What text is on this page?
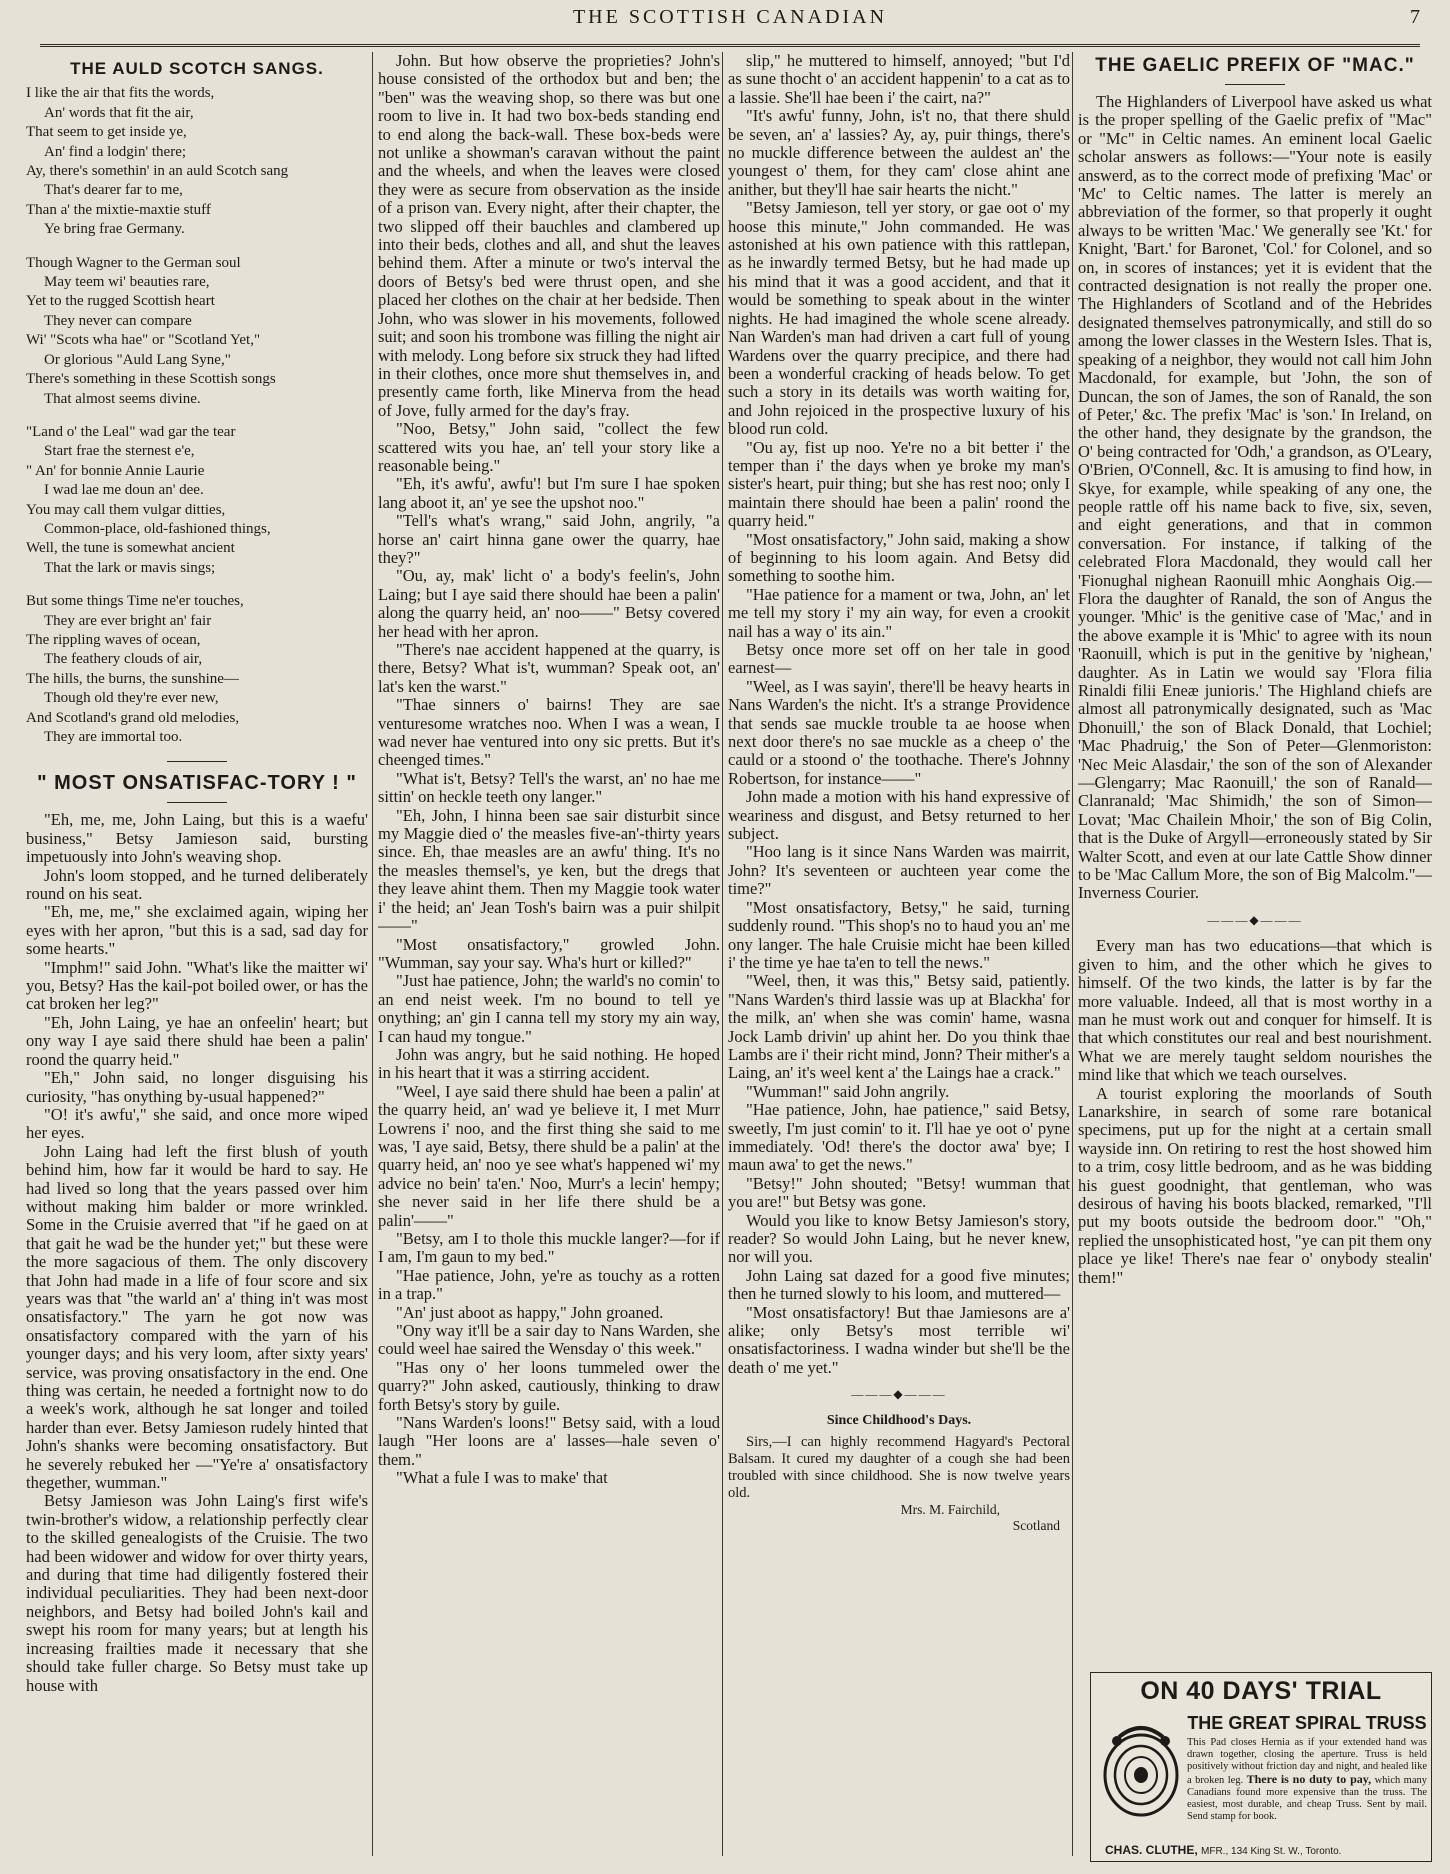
THE SCOTTISH CANADIAN	7
THE AULD SCOTCH SANGS.
I like the air that fits the words,
An' words that fit the air,
That seem to get inside ye,
An' find a lodgin' there;
Ay, there's somethin' in an auld Scotch sang
That's dearer far to me,
Than a' the mixtie-maxtie stuff
Ye bring frae Germany.
Though Wagner to the German soul
May teem wi' beauties rare,
Yet to the rugged Scottish heart
They never can compare
Wi' "Scots wha hae" or "Scotland Yet,"
Or glorious "Auld Lang Syne,"
There's something in these Scottish songs
That almost seems divine.
"Land o' the Leal" wad gar the tear
Start frae the sternest e'e,
" An' for bonnie Annie Laurie
I wad lae me doun an' dee.
You may call them vulgar ditties,
Common-place, old-fashioned things,
Well, the tune is somewhat ancient
That the lark or mavis sings;
But some things Time ne'er touches,
They are ever bright an' fair
The rippling waves of ocean,
The feathery clouds of air,
The hills, the burns, the sunshine—
Though old they're ever new,
And Scotland's grand old melodies,
They are immortal too.
" MOST ONSATISFAC-TORY ! "

"Eh, me, me, John Laing, but this is a waefu' business," Betsy Jamieson said, bursting impetuously into John's weaving shop.

John's loom stopped, and he turned deliberately round on his seat.

"Eh, me, me," she exclaimed again, wiping her eyes with her apron, "but this is a sad, sad day for some hearts."

"Imphm!" said John. "What's like the maitter wi' you, Betsy? Has the kail-pot boiled ower, or has the cat broken her leg?"

"Eh, John Laing, ye hae an onfeelin' heart; but ony way I aye said there shuld hae been a palin' roond the quarry heid."

"Eh," John said, no longer disguising his curiosity, "has onything by-usual happened?"

"O! it's awfu'," she said, and once more wiped her eyes.

John Laing had left the first blush of youth behind him, how far it would be hard to say. He had lived so long that the years passed over him without making him balder or more wrinkled. Some in the Cruisie averred that "if he gaed on at that gait he wad be the hunder yet;" but these were the more sagacious of them. The only discovery that John had made in a life of four score and six years was that "the warld an' a' thing in't was most onsatisfactory." The yarn he got now was onsatisfactory compared with the yarn of his younger days; and his very loom, after sixty years' service, was proving onsatisfactory in the end. One thing was certain, he needed a fortnight now to do a week's work, although he sat longer and toiled harder than ever. Betsy Jamieson rudely hinted that John's shanks were becoming onsatisfactory. But he severely rebuked her —"Ye're a' onsatisfactory thegether, wumman."

Betsy Jamieson was John Laing's first wife's twin-brother's widow, a relationship perfectly clear to the skilled genealogists of the Cruisie. The two had been widower and widow for over thirty years, and during that time had diligently fostered their individual peculiarities. They had been next-door neighbors, and Betsy had boiled John's kail and swept his room for many years; but at length his increasing frailties made it necessary that she should take fuller charge. So Betsy must take up house with

John. But how observe the proprieties? John's house consisted of the orthodox but and ben; the "ben" was the weaving shop, so there was but one room to live in. It had two box-beds standing end to end along the back-wall. These box-beds were not unlike a showman's caravan without the paint and the wheels, and when the leaves were closed they were as secure from observation as the inside of a prison van. Every night, after their chapter, the two slipped off their bauchles and clambered up into their beds, clothes and all, and shut the leaves behind them. After a minute or two's interval the doors of Betsy's bed were thrust open, and she placed her clothes on the chair at her bedside. Then John, who was slower in his movements, followed suit; and soon his trombone was filling the night air with melody. Long before six struck they had lifted in their clothes, once more shut themselves in, and presently came forth, like Minerva from the head of Jove, fully armed for the day's fray.

"Noo, Betsy," John said, "collect the few scattered wits you hae, an' tell your story like a reasonable being."

"Eh, it's awfu', awfu'! but I'm sure I hae spoken lang aboot it, an' ye see the upshot noo."

"Tell's what's wrang," said John, angrily, "a horse an' cairt hinna gane ower the quarry, hae they?"

"Ou, ay, mak' licht o' a body's feelin's, John Laing; but I aye said there should hae been a palin' along the quarry heid, an' noo——" Betsy covered her head with her apron.

"There's nae accident happened at the quarry, is there, Betsy? What is't, wumman? Speak oot, an' lat's ken the warst."

"Thae sinners o' bairns! They are sae venturesome wratches noo. When I was a wean, I wad never hae ventured into ony sic pretts. But it's cheenged times."

"What is't, Betsy? Tell's the warst, an' no hae me sittin' on heckle teeth ony langer."

"Eh, John, I hinna been sae sair disturbit since my Maggie died o' the measles five-an'-thirty years since. Eh, thae measles are an awfu' thing. It's no the measles themsel's, ye ken, but the dregs that they leave ahint them. Then my Maggie took water i' the heid; an' Jean Tosh's bairn was a puir shilpit——"

"Most onsatisfactory," growled John. "Wumman, say your say. Wha's hurt or killed?"

"Just hae patience, John; the warld's no comin' to an end neist week. I'm no bound to tell ye onything; an' gin I canna tell my story my ain way, I can haud my tongue."

John was angry, but he said nothing. He hoped in his heart that it was a stirring accident.

"Weel, I aye said there shuld hae been a palin' at the quarry heid, an' wad ye believe it, I met Murr Lowrens i' noo, and the first thing she said to me was, 'I aye said, Betsy, there shuld be a palin' at the quarry heid, an' noo ye see what's happened wi' my advice no bein' ta'en.' Noo, Murr's a lecin' hempy; she never said in her life there shuld be a palin'——"

"Betsy, am I to thole this muckle langer?—for if I am, I'm gaun to my bed."

"Hae patience, John, ye're as touchy as a rotten in a trap."

"An' just aboot as happy," John groaned.

"Ony way it'll be a sair day to Nans Warden, she could weel hae saired the Wensday o' this week."

"Has ony o' her loons tummeled ower the quarry?" John asked, cautiously, thinking to draw forth Betsy's story by guile.

"Nans Warden's loons!" Betsy said, with a loud laugh "Her loons are a' lasses—hale seven o' them."

"What a fule I was to make' that

slip," he muttered to himself, annoyed; "but I'd as sune thocht o' an accident happenin' to a cat as to a lassie. She'll hae been i' the cairt, na?"

"It's awfu' funny, John, is't no, that there shuld be seven, an' a' lassies? Ay, ay, puir things, there's no muckle difference between the auldest an' the youngest o' them, for they cam' close ahint ane anither, but they'll hae sair hearts the nicht."

"Betsy Jamieson, tell yer story, or gae oot o' my hoose this minute," John commanded. He was astonished at his own patience with this rattlepan, as he inwardly termed Betsy, but he had made up his mind that it was a good accident, and that it would be something to speak about in the winter nights. He had imagined the whole scene already. Nan Warden's man had driven a cart full of young Wardens over the quarry precipice, and there had been a wonderful cracking of heads below. To get such a story in its details was worth waiting for, and John rejoiced in the prospective luxury of his blood run cold.

"Ou ay, fist up noo. Ye're no a bit better i' the temper than i' the days when ye broke my man's sister's heart, puir thing; but she has rest noo; only I maintain there should hae been a palin' roond the quarry heid."

"Most onsatisfactory," John said, making a show of beginning to his loom again. And Betsy did something to soothe him.

"Hae patience for a mament or twa, John, an' let me tell my story i' my ain way, for even a crookit nail has a way o' its ain."

Betsy once more set off on her tale in good earnest—

"Weel, as I was sayin', there'll be heavy hearts in Nans Warden's the nicht. It's a strange Providence that sends sae muckle trouble ta ae hoose when next door there's no sae muckle as a cheep o' the cauld or a stoond o' the toothache. There's Johnny Robertson, for instance——"

John made a motion with his hand expressive of weariness and disgust, and Betsy returned to her subject.

"Hoo lang is it since Nans Warden was mairrit, John? It's seventeen or auchteen year come the time?"

"Most onsatisfactory, Betsy," he said, turning suddenly round. "This shop's no to haud you an' me ony langer. The hale Cruisie micht hae been killed i' the time ye hae ta'en to tell the news."

"Weel, then, it was this," Betsy said, patiently. "Nans Warden's third lassie was up at Blackha' for the milk, an' when she was comin' hame, wasna Jock Lamb drivin' up ahint her. Do you think thae Lambs are i' their richt mind, Jonn? Their mither's a Laing, an' it's weel kent a' the Laings hae a crack."

"Wumman!" said John angrily.

"Hae patience, John, hae patience," said Betsy, sweetly, I'm just comin' to it. I'll hae ye oot o' pyne immediately. 'Od! there's the doctor awa' bye; I maun awa' to get the news."

"Betsy!" John shouted; "Betsy! wumman that you are!" but Betsy was gone.

Would you like to know Betsy Jamieson's story, reader? So would John Laing, but he never knew, nor will you.

John Laing sat dazed for a good five minutes; then he turned slowly to his loom, and muttered—

"Most onsatisfactory! But thae Jamiesons are a' alike; only Betsy's most terrible wi' onsatisfactoriness. I wadna winder but she'll be the death o' me yet."

———◆———
Since Childhood's Days.

Sirs,—I can highly recommend Hagyard's Pectoral Balsam. It cured my daughter of a cough she had been troubled with since childhood. She is now twelve years old.

Mrs. M. Fairchild,
Scotland
THE GAELIC PREFIX OF "MAC."

The Highlanders of Liverpool have asked us what is the proper spelling of the Gaelic prefix of "Mac" or "Mc" in Celtic names. An eminent local Gaelic scholar answers as follows:—"Your note is easily answerd, as to the correct mode of prefixing 'Mac' or 'Mc' to Celtic names. The latter is merely an abbreviation of the former, so that properly it ought always to be written 'Mac.' We generally see 'Kt.' for Knight, 'Bart.' for Baronet, 'Col.' for Colonel, and so on, in scores of instances; yet it is evident that the contracted designation is not really the proper one. The Highlanders of Scotland and of the Hebrides designated themselves patronymically, and still do so among the lower classes in the Western Isles. That is, speaking of a neighbor, they would not call him John Macdonald, for example, but 'John, the son of Duncan, the son of James, the son of Ranald, the son of Peter,' &c. The prefix 'Mac' is 'son.' In Ireland, on the other hand, they designate by the grandson, the O' being contracted for 'Odh,' a grandson, as O'Leary, O'Brien, O'Connell, &c. It is amusing to find how, in Skye, for example, while speaking of any one, the people rattle off his name back to five, six, seven, and eight generations, and that in common conversation. For instance, if talking of the celebrated Flora Macdonald, they would call her 'Fionughal nighean Raonuill mhic Aonghais Oig.—Flora the daughter of Ranald, the son of Angus the younger. 'Mhic' is the genitive case of 'Mac,' and in the above example it is 'Mhic' to agree with its noun 'Raonuill, which is put in the genitive by 'nighean,' daughter. As in Latin we would say 'Flora filia Rinaldi filii Eneæ junioris.' The Highland chiefs are almost all patronymically designated, such as 'Mac Dhonuill,' the son of Black Donald, that Lochiel; 'Mac Phadruig,' the Son of Peter—Glenmoriston: 'Nec Meic Alasdair,' the son of the son of Alexander—Glengarry; Mac Raonuill,' the son of Ranald—Clanranald; 'Mac Shimidh,' the son of Simon—Lovat; 'Mac Chailein Mhoir,' the son of Big Colin, that is the Duke of Argyll—erroneously stated by Sir Walter Scott, and even at our late Cattle Show dinner to be 'Mac Callum More, the son of Big Malcolm."—Inverness Courier.

———◆———

Every man has two educations—that which is given to him, and the other which he gives to himself. Of the two kinds, the latter is by far the more valuable. Indeed, all that is most worthy in a man he must work out and conquer for himself. It is that which constitutes our real and best nourishment. What we are merely taught seldom nourishes the mind like that which we teach ourselves.

A tourist exploring the moorlands of South Lanarkshire, in search of some rare botanical specimens, put up for the night at a certain small wayside inn. On retiring to rest the host showed him to a trim, cosy little bedroom, and as he was bidding his guest goodnight, that gentleman, who was desirous of having his boots blacked, remarked, "I'll put my boots outside the bedroom door." "Oh," replied the unsophisticated host, "ye can pit them ony place ye like! There's nae fear o' onybody stealin' them!"

ON 40 DAYS' TRIAL
THE GREAT SPIRAL TRUSS
This Pad closes Hernia as if your extended hand was drawn together, closing the aperture. Truss is held positively without friction day and night, and healed like a broken leg. There is no duty to pay, which many Canadians found more expensive than the truss. The easiest, most durable, and cheap Truss. Sent by mail. Send stamp for book.
CHAS. CLUTHE, MFR., 134 King St. W., Toronto.
